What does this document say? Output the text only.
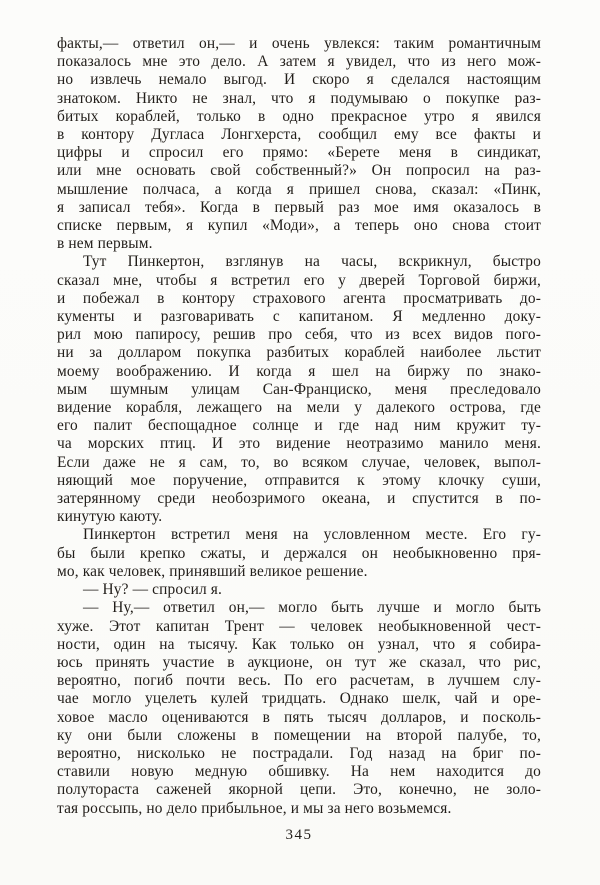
факты,— ответил он,— и очень увлекся: таким романтичным
показалось мне это дело. А затем я увидел, что из него мож-
но извлечь немало выгод. И скоро я сделался настоящим
знатоком. Никто не знал, что я подумываю о покупке раз-
битых кораблей, только в одно прекрасное утро я явился
в контору Дугласа Лонгхерста, сообщил ему все факты и
цифры и спросил его прямо: «Берете меня в синдикат,
или мне основать свой собственный?» Он попросил на раз-
мышление полчаса, а когда я пришел снова, сказал: «Пинк,
я записал тебя». Когда в первый раз мое имя оказалось в
списке первым, я купил «Моди», а теперь оно снова стоит
в нем первым.
Тут Пинкертон, взглянув на часы, вскрикнул, быстро
сказал мне, чтобы я встретил его у дверей Торговой биржи,
и побежал в контору страхового агента просматривать до-
кументы и разговаривать с капитаном. Я медленно доку-
рил мою папиросу, решив про себя, что из всех видов пого-
ни за долларом покупка разбитых кораблей наиболее льстит
моему воображению. И когда я шел на биржу по знако-
мым шумным улицам Сан-Франциско, меня преследовало
видение корабля, лежащего на мели у далекого острова, где
его палит беспощадное солнце и где над ним кружит ту-
ча морских птиц. И это видение неотразимо манило меня.
Если даже не я сам, то, во всяком случае, человек, выпол-
няющий мое поручение, отправится к этому клочку суши,
затерянному среди необозримого океана, и спустится в по-
кинутую каюту.
Пинкертон встретил меня на условленном месте. Его гу-
бы были крепко сжаты, и держался он необыкновенно пря-
мо, как человек, принявший великое решение.
— Ну? — спросил я.
— Ну,— ответил он,— могло быть лучше и могло быть
хуже. Этот капитан Трент — человек необыкновенной чест-
ности, один на тысячу. Как только он узнал, что я собира-
юсь принять участие в аукционе, он тут же сказал, что рис,
вероятно, погиб почти весь. По его расчетам, в лучшем слу-
чае могло уцелеть кулей тридцать. Однако шелк, чай и оре-
ховое масло оцениваются в пять тысяч долларов, и посколь-
ку они были сложены в помещении на второй палубе, то,
вероятно, нисколько не пострадали. Год назад на бриг по-
ставили новую медную обшивку. На нем находится до
полутораста саженей якорной цепи. Это, конечно, не золо-
тая россыпь, но дело прибыльное, и мы за него возьмемся.
345
